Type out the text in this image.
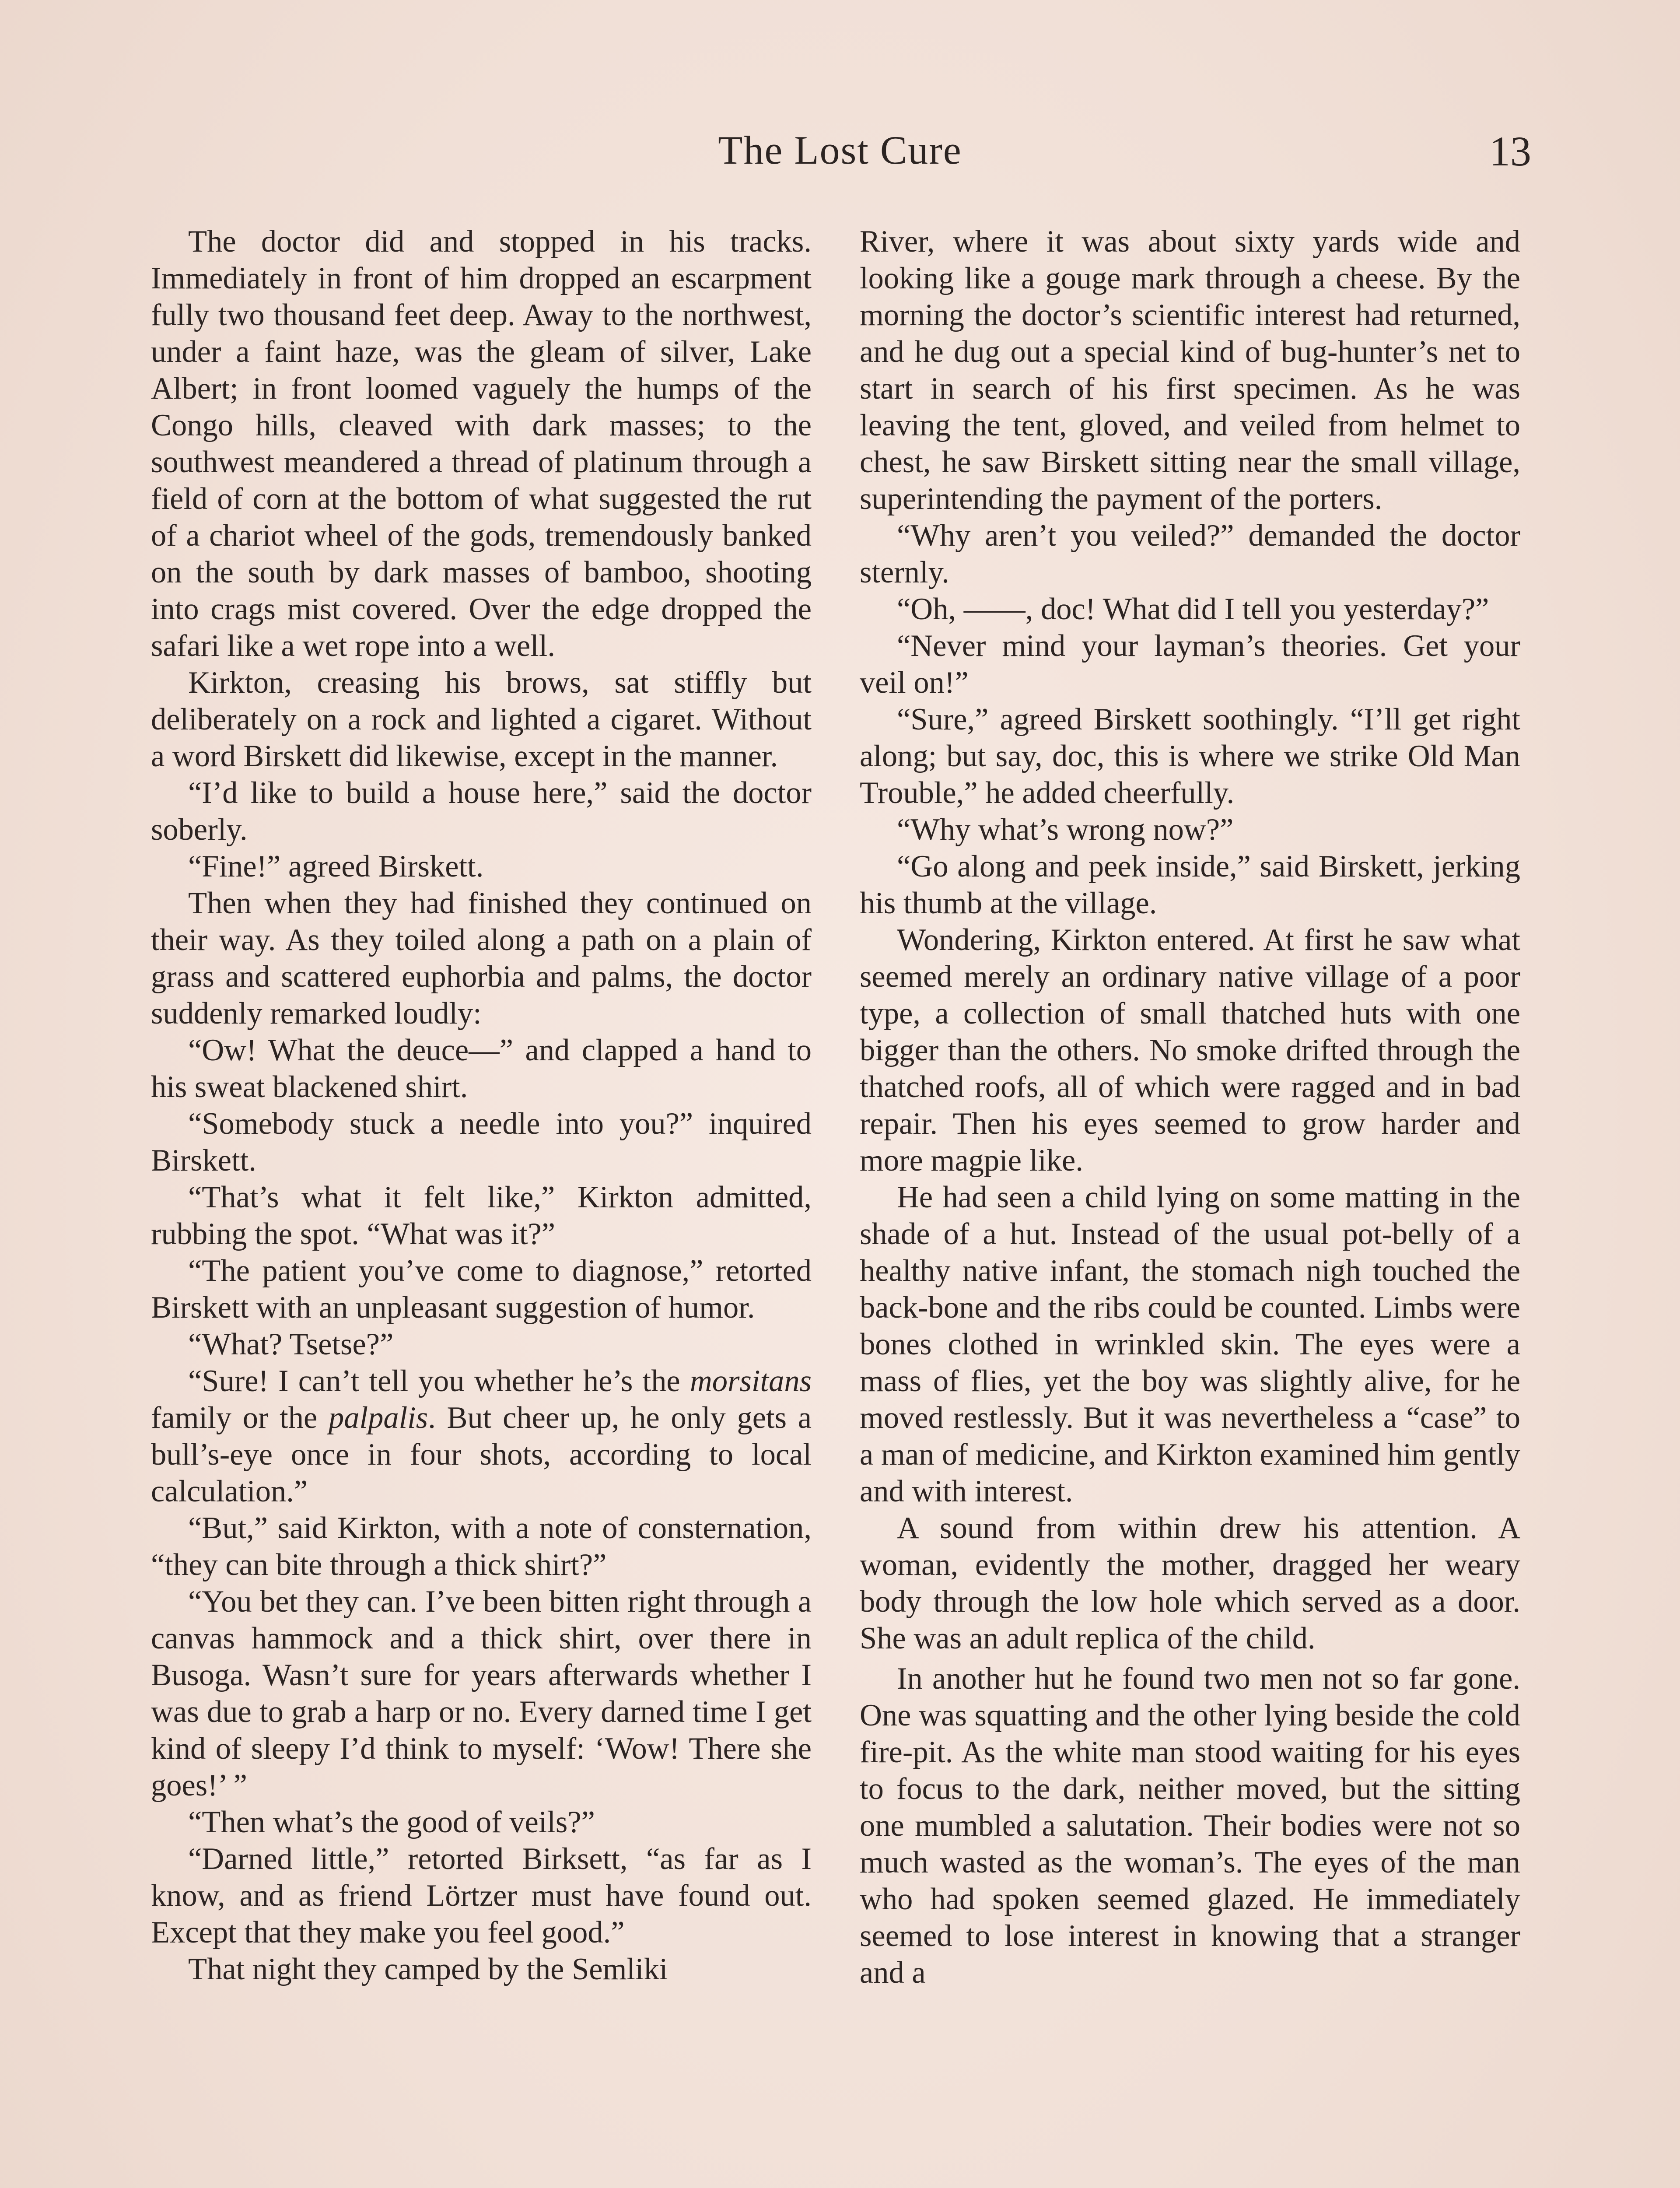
The Lost Cure	13

The doctor did and stopped in his tracks. Immediately in front of him dropped an escarpment fully two thousand feet deep. Away to the northwest, under a faint haze, was the gleam of silver, Lake Albert; in front loomed vaguely the humps of the Congo hills, cleaved with dark masses; to the southwest meandered a thread of platinum through a field of corn at the bottom of what suggested the rut of a chariot wheel of the gods, tremendously banked on the south by dark masses of bamboo, shooting into crags mist covered. Over the edge dropped the safari like a wet rope into a well.

Kirkton, creasing his brows, sat stiffly but deliberately on a rock and lighted a cigaret. Without a word Birskett did likewise, except in the manner.

“I’d like to build a house here,” said the doctor soberly.

“Fine!” agreed Birskett.

Then when they had finished they continued on their way. As they toiled along a path on a plain of grass and scattered euphorbia and palms, the doctor suddenly remarked loudly:

“Ow! What the deuce—” and clapped a hand to his sweat blackened shirt.

“Somebody stuck a needle into you?” inquired Birskett.

“That’s what it felt like,” Kirkton admitted, rubbing the spot. “What was it?”

“The patient you’ve come to diagnose,” retorted Birskett with an unpleasant suggestion of humor.

“What? Tsetse?”

“Sure! I can’t tell you whether he’s the morsitans family or the palpalis. But cheer up, he only gets a bull’s-eye once in four shots, according to local calculation.”

“But,” said Kirkton, with a note of consternation, “they can bite through a thick shirt?”

“You bet they can. I’ve been bitten right through a canvas hammock and a thick shirt, over there in Busoga. Wasn’t sure for years afterwards whether I was due to grab a harp or no. Every darned time I get kind of sleepy I’d think to myself: ‘Wow! There she goes!’ ”

“Then what’s the good of veils?”

“Darned little,” retorted Birksett, “as far as I know, and as friend Lörtzer must have found out. Except that they make you feel good.”

That night they camped by the Semliki

River, where it was about sixty yards wide and looking like a gouge mark through a cheese. By the morning the doctor’s scientific interest had returned, and he dug out a special kind of bug-hunter’s net to start in search of his first specimen. As he was leaving the tent, gloved, and veiled from helmet to chest, he saw Birskett sitting near the small village, superintending the payment of the porters.

“Why aren’t you veiled?” demanded the doctor sternly.

“Oh, ——, doc! What did I tell you yesterday?”

“Never mind your layman’s theories. Get your veil on!”

“Sure,” agreed Birskett soothingly. “I’ll get right along; but say, doc, this is where we strike Old Man Trouble,” he added cheerfully.

“Why what’s wrong now?”

“Go along and peek inside,” said Birskett, jerking his thumb at the village.

Wondering, Kirkton entered. At first he saw what seemed merely an ordinary native village of a poor type, a collection of small thatched huts with one bigger than the others. No smoke drifted through the thatched roofs, all of which were ragged and in bad repair. Then his eyes seemed to grow harder and more magpie like.

He had seen a child lying on some matting in the shade of a hut. Instead of the usual pot-belly of a healthy native infant, the stomach nigh touched the back-bone and the ribs could be counted. Limbs were bones clothed in wrinkled skin. The eyes were a mass of flies, yet the boy was slightly alive, for he moved restlessly. But it was nevertheless a “case” to a man of medicine, and Kirkton examined him gently and with interest.

A sound from within drew his attention. A woman, evidently the mother, dragged her weary body through the low hole which served as a door. She was an adult replica of the child.

In another hut he found two men not so far gone. One was squatting and the other lying beside the cold fire-pit. As the white man stood waiting for his eyes to focus to the dark, neither moved, but the sitting one mumbled a salutation. Their bodies were not so much wasted as the woman’s. The eyes of the man who had spoken seemed glazed. He immediately seemed to lose interest in knowing that a stranger and a
